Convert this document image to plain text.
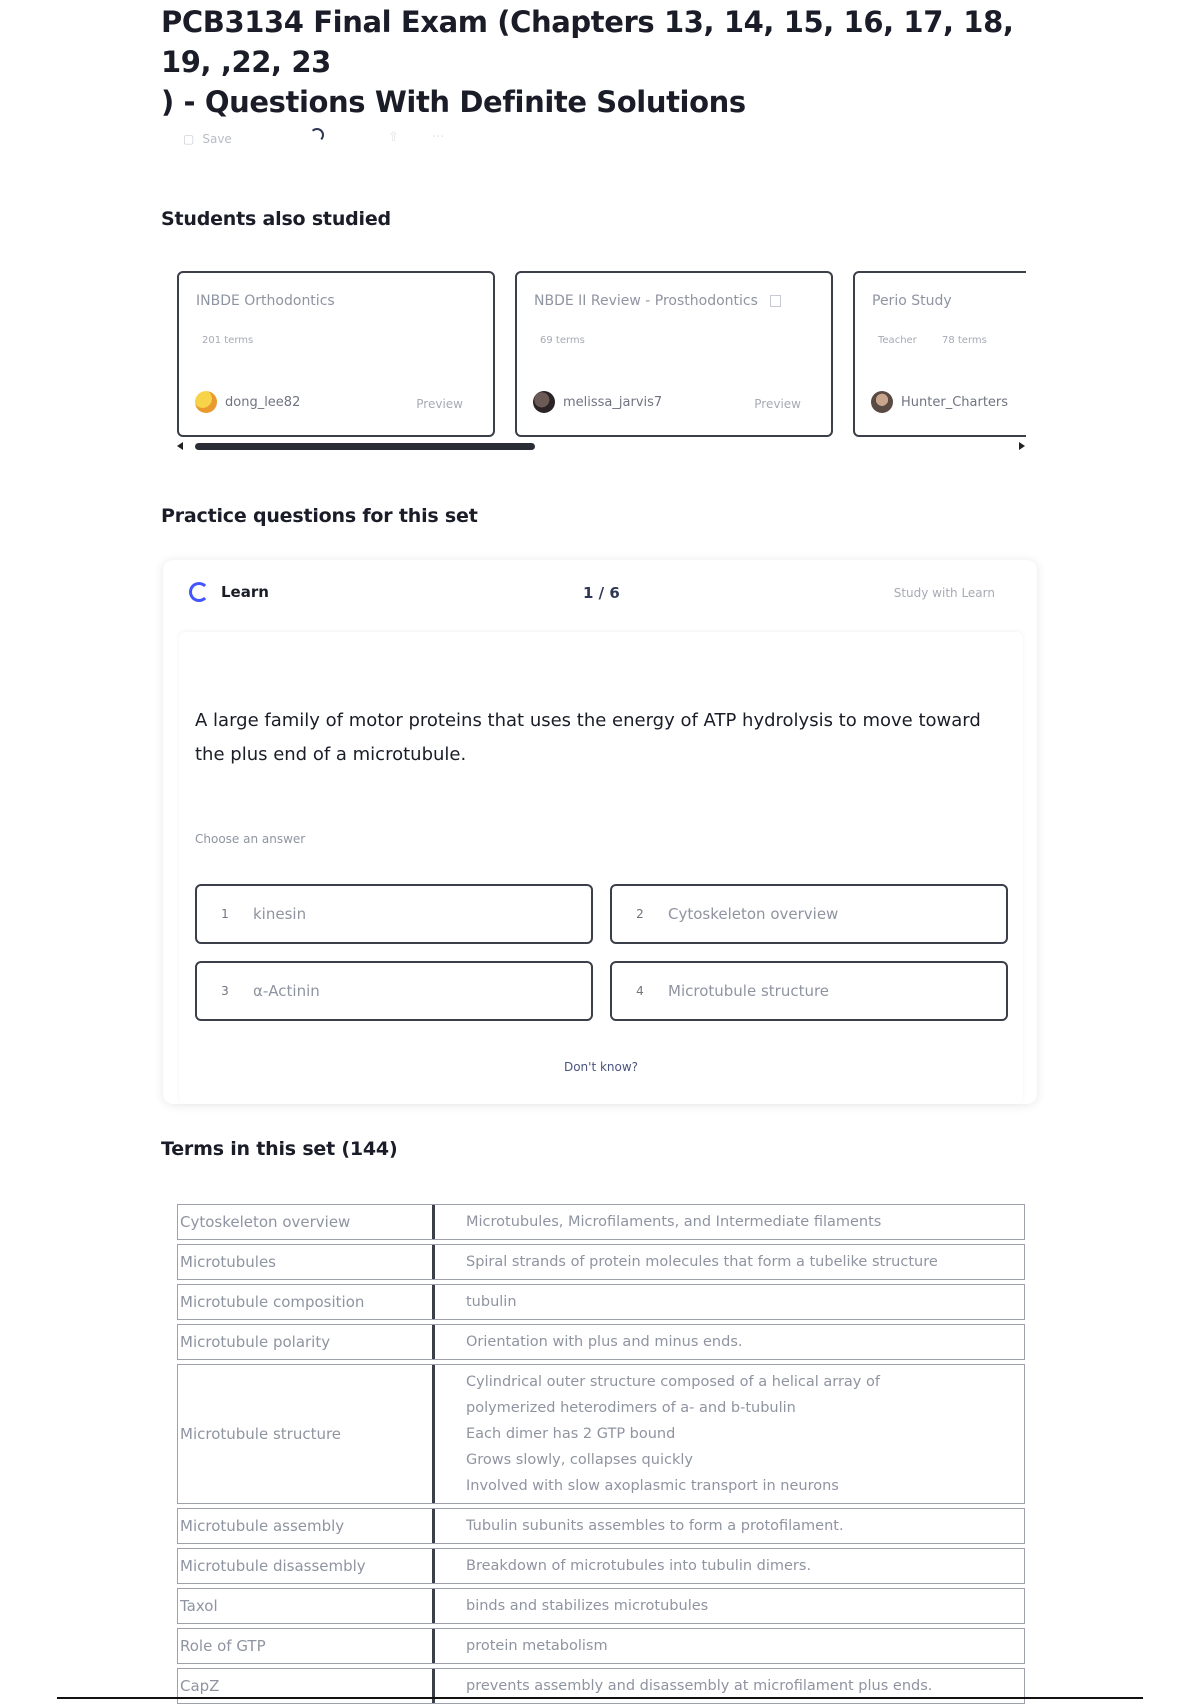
PCB3134 Final Exam (Chapters 13, 14, 15, 16, 17, 18, 19, ,22, 23
) - Questions With Definite Solutions
▢ Save	⇧	···
Students also studied
INBDE Orthodontics
201 terms
dong_lee82	Preview
NBDE II Review - Prosthodontics
69 terms
melissa_jarvis7	Preview
Perio Study
Teacher	78 terms
Hunter_Charters
Practice questions for this set
Learn	1 / 6	Study with Learn

A large family of motor proteins that uses the energy of ATP hydrolysis to move toward the plus end of a microtubule.

Choose an answer
1	kinesin	2	Cytoskeleton overview
3	α-Actinin	4	Microtubule structure
Don't know?
Terms in this set (144)
Cytoskeleton overview	Microtubules, Microfilaments, and Intermediate filaments
Microtubules	Spiral strands of protein molecules that form a tubelike structure
Microtubule composition	tubulin
Microtubule polarity	Orientation with plus and minus ends.
Microtubule structure
Cylindrical outer structure composed of a helical array of
polymerized heterodimers of a- and b-tubulin
Each dimer has 2 GTP bound
Grows slowly, collapses quickly
Involved with slow axoplasmic transport in neurons
Microtubule assembly	Tubulin subunits assembles to form a protofilament.
Microtubule disassembly	Breakdown of microtubules into tubulin dimers.
Taxol	binds and stabilizes microtubules
Role of GTP	protein metabolism
CapZ	prevents assembly and disassembly at microfilament plus ends.
